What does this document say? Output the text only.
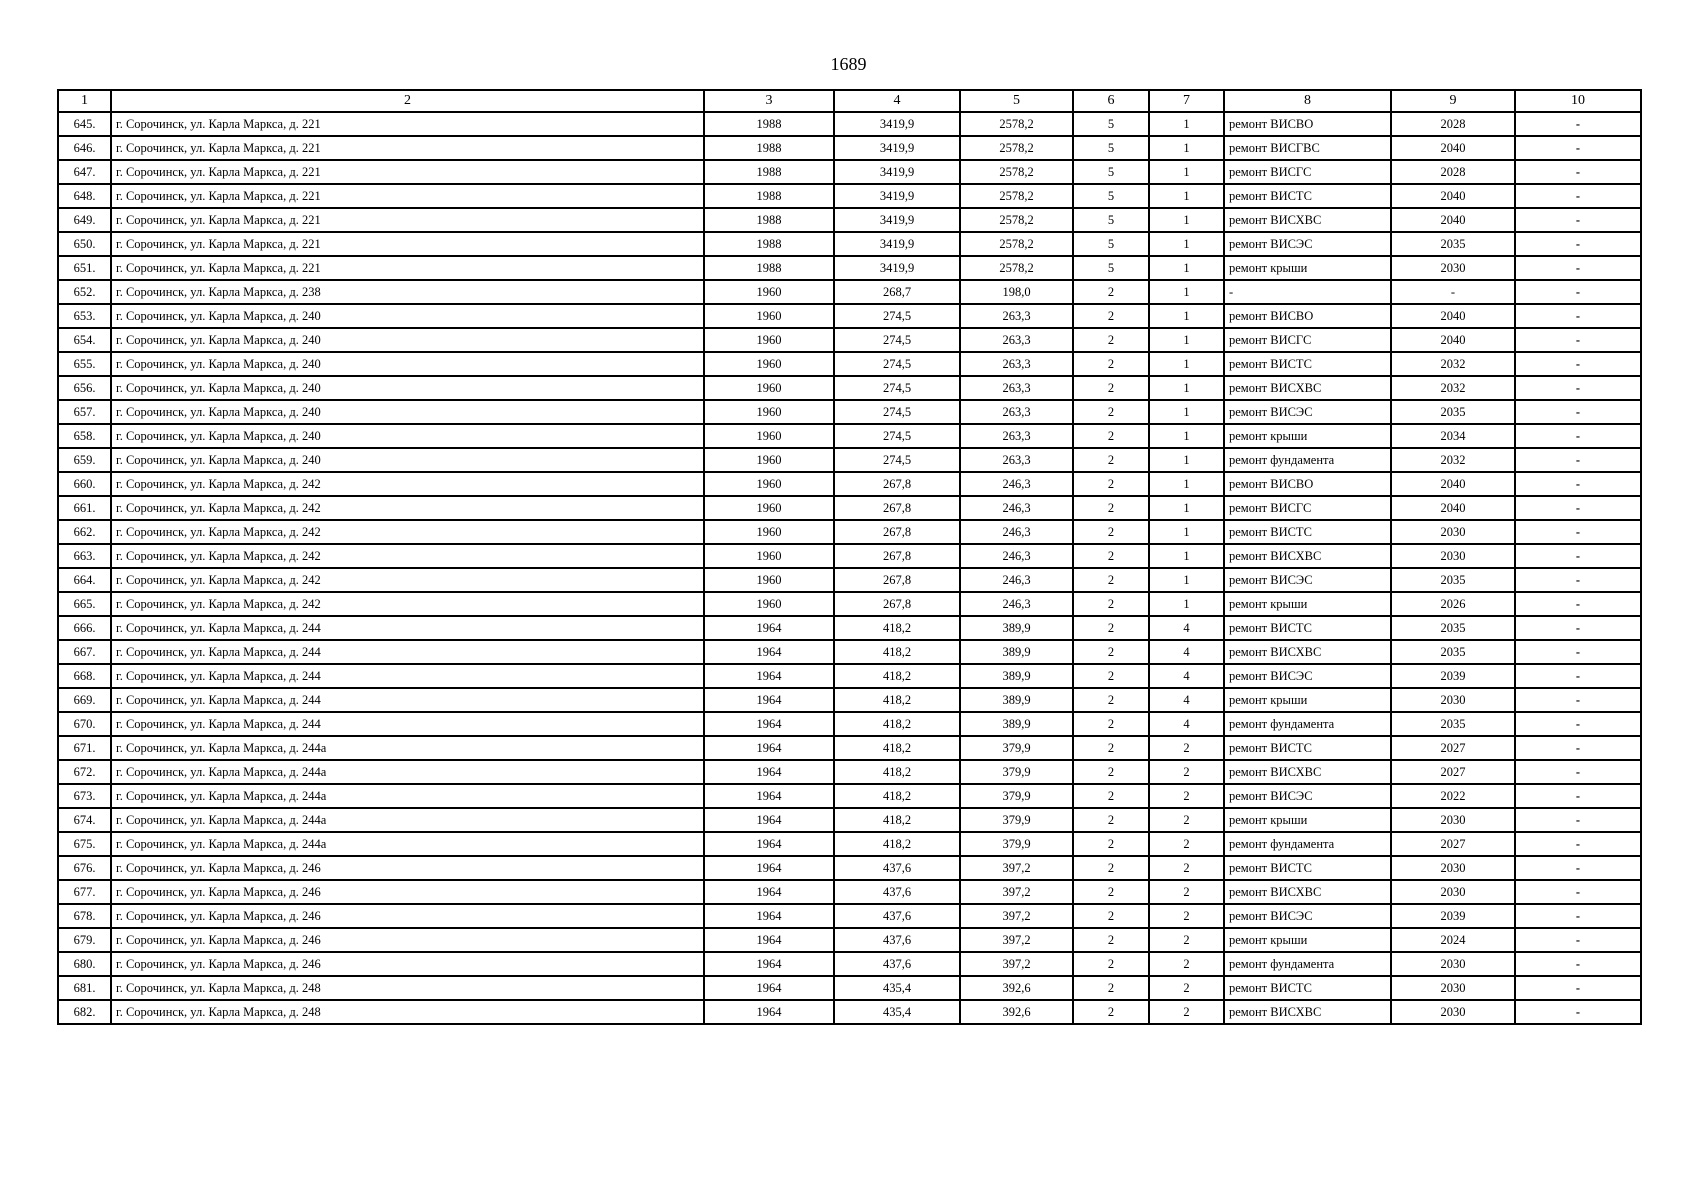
1689
1	2	3	4	5	6	7	8	9	10
645.	г. Сорочинск, ул. Карла Маркса, д. 221	1988	3419,9	2578,2	5	1	ремонт ВИСВО	2028	-
646.	г. Сорочинск, ул. Карла Маркса, д. 221	1988	3419,9	2578,2	5	1	ремонт ВИСГВС	2040	-
647.	г. Сорочинск, ул. Карла Маркса, д. 221	1988	3419,9	2578,2	5	1	ремонт ВИСГС	2028	-
648.	г. Сорочинск, ул. Карла Маркса, д. 221	1988	3419,9	2578,2	5	1	ремонт ВИСТС	2040	-
649.	г. Сорочинск, ул. Карла Маркса, д. 221	1988	3419,9	2578,2	5	1	ремонт ВИСХВС	2040	-
650.	г. Сорочинск, ул. Карла Маркса, д. 221	1988	3419,9	2578,2	5	1	ремонт ВИСЭС	2035	-
651.	г. Сорочинск, ул. Карла Маркса, д. 221	1988	3419,9	2578,2	5	1	ремонт крыши	2030	-
652.	г. Сорочинск, ул. Карла Маркса, д. 238	1960	268,7	198,0	2	1	-	-	-
653.	г. Сорочинск, ул. Карла Маркса, д. 240	1960	274,5	263,3	2	1	ремонт ВИСВО	2040	-
654.	г. Сорочинск, ул. Карла Маркса, д. 240	1960	274,5	263,3	2	1	ремонт ВИСГС	2040	-
655.	г. Сорочинск, ул. Карла Маркса, д. 240	1960	274,5	263,3	2	1	ремонт ВИСТС	2032	-
656.	г. Сорочинск, ул. Карла Маркса, д. 240	1960	274,5	263,3	2	1	ремонт ВИСХВС	2032	-
657.	г. Сорочинск, ул. Карла Маркса, д. 240	1960	274,5	263,3	2	1	ремонт ВИСЭС	2035	-
658.	г. Сорочинск, ул. Карла Маркса, д. 240	1960	274,5	263,3	2	1	ремонт крыши	2034	-
659.	г. Сорочинск, ул. Карла Маркса, д. 240	1960	274,5	263,3	2	1	ремонт фундамента	2032	-
660.	г. Сорочинск, ул. Карла Маркса, д. 242	1960	267,8	246,3	2	1	ремонт ВИСВО	2040	-
661.	г. Сорочинск, ул. Карла Маркса, д. 242	1960	267,8	246,3	2	1	ремонт ВИСГС	2040	-
662.	г. Сорочинск, ул. Карла Маркса, д. 242	1960	267,8	246,3	2	1	ремонт ВИСТС	2030	-
663.	г. Сорочинск, ул. Карла Маркса, д. 242	1960	267,8	246,3	2	1	ремонт ВИСХВС	2030	-
664.	г. Сорочинск, ул. Карла Маркса, д. 242	1960	267,8	246,3	2	1	ремонт ВИСЭС	2035	-
665.	г. Сорочинск, ул. Карла Маркса, д. 242	1960	267,8	246,3	2	1	ремонт крыши	2026	-
666.	г. Сорочинск, ул. Карла Маркса, д. 244	1964	418,2	389,9	2	4	ремонт ВИСТС	2035	-
667.	г. Сорочинск, ул. Карла Маркса, д. 244	1964	418,2	389,9	2	4	ремонт ВИСХВС	2035	-
668.	г. Сорочинск, ул. Карла Маркса, д. 244	1964	418,2	389,9	2	4	ремонт ВИСЭС	2039	-
669.	г. Сорочинск, ул. Карла Маркса, д. 244	1964	418,2	389,9	2	4	ремонт крыши	2030	-
670.	г. Сорочинск, ул. Карла Маркса, д. 244	1964	418,2	389,9	2	4	ремонт фундамента	2035	-
671.	г. Сорочинск, ул. Карла Маркса, д. 244а	1964	418,2	379,9	2	2	ремонт ВИСТС	2027	-
672.	г. Сорочинск, ул. Карла Маркса, д. 244а	1964	418,2	379,9	2	2	ремонт ВИСХВС	2027	-
673.	г. Сорочинск, ул. Карла Маркса, д. 244а	1964	418,2	379,9	2	2	ремонт ВИСЭС	2022	-
674.	г. Сорочинск, ул. Карла Маркса, д. 244а	1964	418,2	379,9	2	2	ремонт крыши	2030	-
675.	г. Сорочинск, ул. Карла Маркса, д. 244а	1964	418,2	379,9	2	2	ремонт фундамента	2027	-
676.	г. Сорочинск, ул. Карла Маркса, д. 246	1964	437,6	397,2	2	2	ремонт ВИСТС	2030	-
677.	г. Сорочинск, ул. Карла Маркса, д. 246	1964	437,6	397,2	2	2	ремонт ВИСХВС	2030	-
678.	г. Сорочинск, ул. Карла Маркса, д. 246	1964	437,6	397,2	2	2	ремонт ВИСЭС	2039	-
679.	г. Сорочинск, ул. Карла Маркса, д. 246	1964	437,6	397,2	2	2	ремонт крыши	2024	-
680.	г. Сорочинск, ул. Карла Маркса, д. 246	1964	437,6	397,2	2	2	ремонт фундамента	2030	-
681.	г. Сорочинск, ул. Карла Маркса, д. 248	1964	435,4	392,6	2	2	ремонт ВИСТС	2030	-
682.	г. Сорочинск, ул. Карла Маркса, д. 248	1964	435,4	392,6	2	2	ремонт ВИСХВС	2030	-
